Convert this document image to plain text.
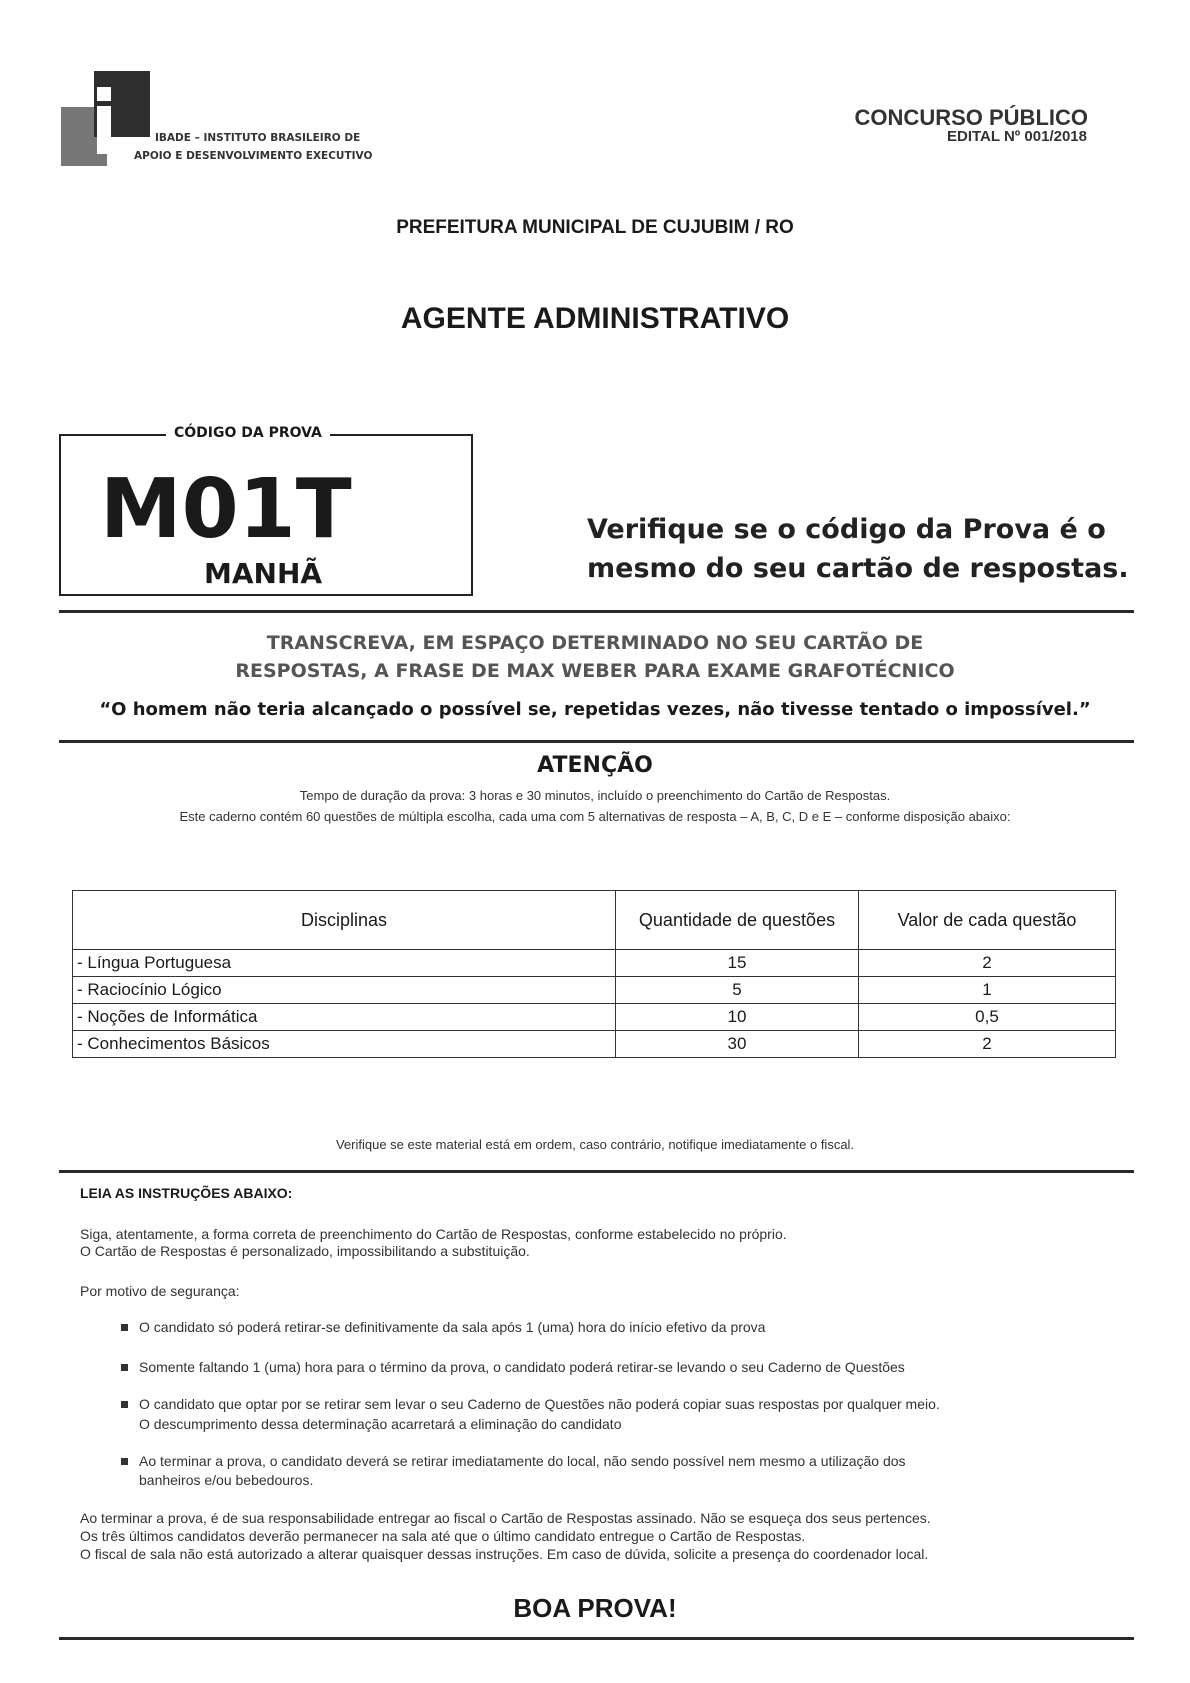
IBADE – INSTITUTO BRASILEIRO DE
APOIO E DESENVOLVIMENTO EXECUTIVO
CONCURSO PÚBLICO
EDITAL Nº 001/2018
PREFEITURA MUNICIPAL DE CUJUBIM / RO
AGENTE ADMINISTRATIVO
CÓDIGO DA PROVA
M01T
MANHÃ
Verifique se o código da Prova é o
mesmo do seu cartão de respostas.
TRANSCREVA, EM ESPAÇO DETERMINADO NO SEU CARTÃO DE
RESPOSTAS, A FRASE DE MAX WEBER PARA EXAME GRAFOTÉCNICO
“O homem não teria alcançado o possível se, repetidas vezes, não tivesse tentado o impossível.”
ATENÇÃO
Tempo de duração da prova: 3 horas e 30 minutos, incluído o preenchimento do Cartão de Respostas.
Este caderno contém 60 questões de múltipla escolha, cada uma com 5 alternativas de resposta – A, B, C, D e E – conforme disposição abaixo:
Disciplinas	Quantidade de questões	Valor de cada questão
- Língua Portuguesa	15	2
- Raciocínio Lógico	5	1
- Noções de Informática	10	0,5
- Conhecimentos Básicos	30	2
Verifique se este material está em ordem, caso contrário, notifique imediatamente o fiscal.
LEIA AS INSTRUÇÕES ABAIXO:
Siga, atentamente, a forma correta de preenchimento do Cartão de Respostas, conforme estabelecido no próprio.
O Cartão de Respostas é personalizado, impossibilitando a substituição.
Por motivo de segurança:
O candidato só poderá retirar-se definitivamente da sala após 1 (uma) hora do início efetivo da prova
Somente faltando 1 (uma) hora para o término da prova, o candidato poderá retirar-se levando o seu Caderno de Questões
O candidato que optar por se retirar sem levar o seu Caderno de Questões não poderá copiar suas respostas por qualquer meio.
O descumprimento dessa determinação acarretará a eliminação do candidato
Ao terminar a prova, o candidato deverá se retirar imediatamente do local, não sendo possível nem mesmo a utilização dos
banheiros e/ou bebedouros.
Ao terminar a prova, é de sua responsabilidade entregar ao fiscal o Cartão de Respostas assinado. Não se esqueça dos seus pertences.
Os três últimos candidatos deverão permanecer na sala até que o último candidato entregue o Cartão de Respostas.
O fiscal de sala não está autorizado a alterar quaisquer dessas instruções. Em caso de dúvida, solicite a presença do coordenador local.
BOA PROVA!
